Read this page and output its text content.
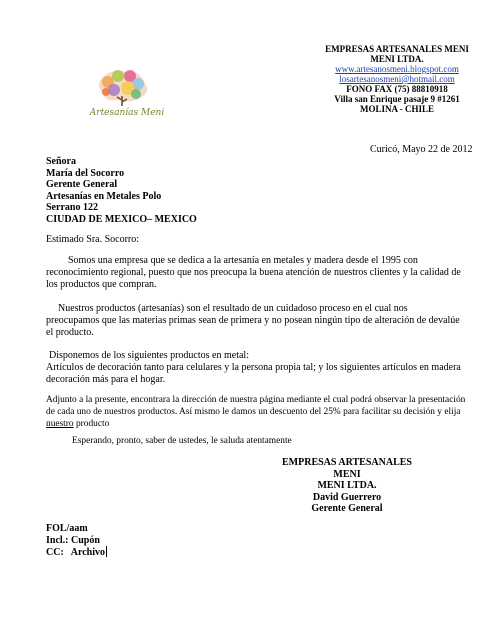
Artesanías Meni
EMPRESAS ARTESANALES MENI
MENI LTDA.
www.artesanosmeni.blogspot.com
losartesanosmeni@hotmail.com
FONO FAX (75) 88810918
Villa san Enrique pasaje 9 #1261
MOLINA - CHILE
Curicó, Mayo 22 de 2012
Señora
María del Socorro
Gerente General
Artesanías en Metales Polo
Serrano 122
CIUDAD DE MEXICO– MEXICO
Estimado Sra. Socorro:
Somos una empresa que se dedica a la artesanía en metales y madera desde el 1995 con
reconocimiento regional, puesto que nos preocupa la buena atención de nuestros clientes y la calidad de
los productos que compran.
Nuestros productos (artesanías) son el resultado de un cuidadoso proceso en el cual nos
preocupamos que las materias primas sean de primera y no posean ningún tipo de alteración de devalúe
el producto.
Disponemos de los siguientes productos en metal:
Artículos de decoración tanto para celulares y la persona propia tal; y los siguientes artículos en madera
decoración más para el hogar.
Adjunto a la presente, encontrara la dirección de nuestra página mediante el cual podrá observar la presentación
de cada uno de nuestros productos. Así mismo le damos un descuento del 25% para facilitar su decisión y elija
nuestro producto
Esperando, pronto, saber de ustedes, le saluda atentamente
EMPRESAS ARTESANALES MENI
MENI LTDA.
David Guerrero
Gerente General
FOL/aam
Incl.: Cupón
CC:   Archivo
